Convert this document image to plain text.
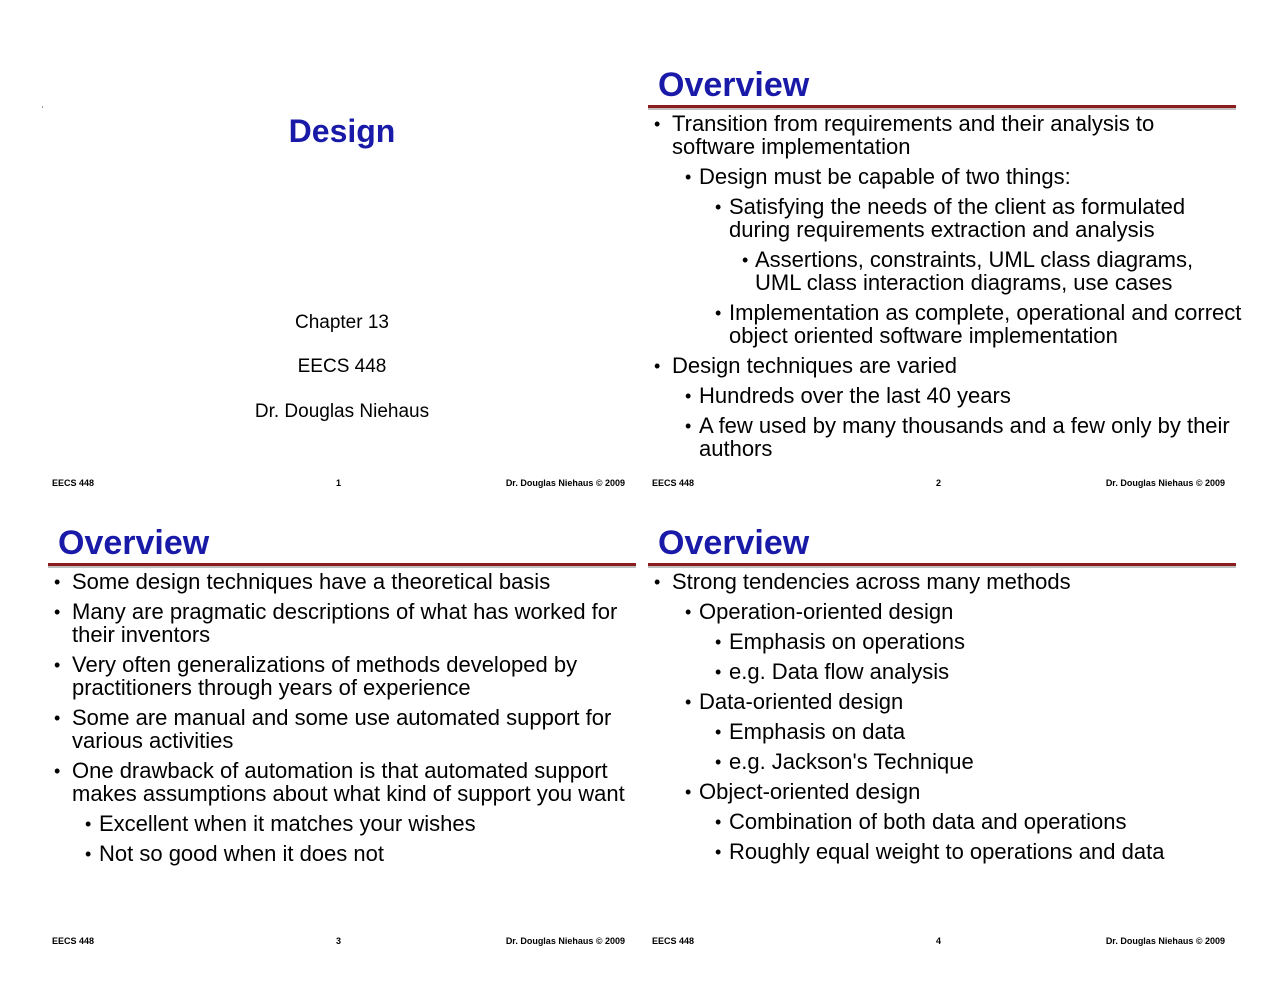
Design
Chapter 13
EECS 448
Dr. Douglas Niehaus
EECS 448	1	Dr. Douglas Niehaus © 2009
Overview
• Transition from requirements and their analysis to software implementation
• Design must be capable of two things:
• Satisfying the needs of the client as formulated during requirements extraction and analysis
• Assertions, constraints, UML class diagrams, UML class interaction diagrams, use cases
• Implementation as complete, operational and correct object oriented software implementation
• Design techniques are varied
• Hundreds over the last 40 years
• A few used by many thousands and a few only by their authors
EECS 448	2	Dr. Douglas Niehaus © 2009
Overview
• Some design techniques have a theoretical basis
• Many are pragmatic descriptions of what has worked for their inventors
• Very often generalizations of methods developed by practitioners through years of experience
• Some are manual and some use automated support for various activities
• One drawback of automation is that automated support makes assumptions about what kind of support you want
• Excellent when it matches your wishes
• Not so good when it does not
EECS 448	3	Dr. Douglas Niehaus © 2009
Overview
• Strong tendencies across many methods
• Operation-oriented design
• Emphasis on operations
• e.g. Data flow analysis
• Data-oriented design
• Emphasis on data
• e.g. Jackson's Technique
• Object-oriented design
• Combination of both data and operations
• Roughly equal weight to operations and data
EECS 448	4	Dr. Douglas Niehaus © 2009
